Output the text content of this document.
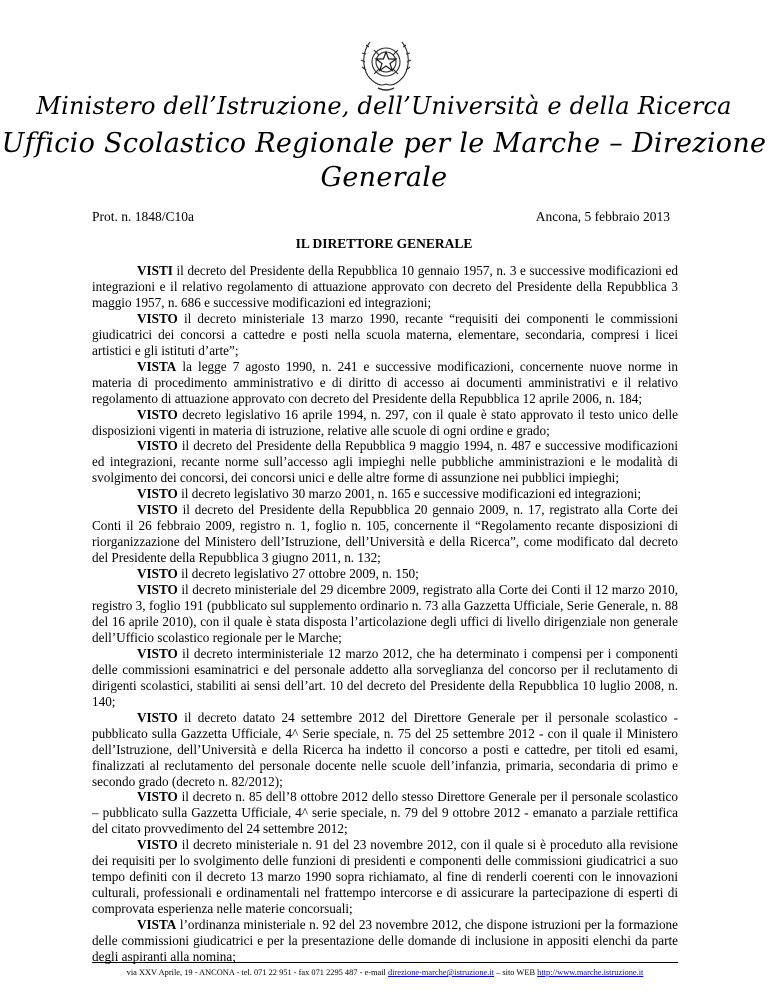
Ministero dell’Istruzione, dell’Università e della Ricerca
Ufficio Scolastico Regionale per le Marche – Direzione Generale
Prot. n. 1848/C10a	Ancona, 5 febbraio 2013
IL DIRETTORE GENERALE

VISTI il decreto del Presidente della Repubblica 10 gennaio 1957, n. 3 e successive modificazioni ed integrazioni e il relativo regolamento di attuazione approvato con decreto del Presidente della Repubblica 3 maggio 1957, n. 686 e successive modificazioni ed integrazioni;

VISTO il decreto ministeriale 13 marzo 1990, recante “requisiti dei componenti le commissioni giudicatrici dei concorsi a cattedre e posti nella scuola materna, elementare, secondaria, compresi i licei artistici e gli istituti d’arte”;

VISTA la legge 7 agosto 1990, n. 241 e successive modificazioni, concernente nuove norme in materia di procedimento amministrativo e di diritto di accesso ai documenti amministrativi e il relativo regolamento di attuazione approvato con decreto del Presidente della Repubblica 12 aprile 2006, n. 184;

VISTO decreto legislativo 16 aprile 1994, n. 297, con il quale è stato approvato il testo unico delle disposizioni vigenti in materia di istruzione, relative alle scuole di ogni ordine e grado;

VISTO il decreto del Presidente della Repubblica 9 maggio 1994, n. 487 e successive modificazioni ed integrazioni, recante norme sull’accesso agli impieghi nelle pubbliche amministrazioni e le modalità di svolgimento dei concorsi, dei concorsi unici e delle altre forme di assunzione nei pubblici impieghi;

VISTO il decreto legislativo 30 marzo 2001, n. 165 e successive modificazioni ed integrazioni;

VISTO il decreto del Presidente della Repubblica 20 gennaio 2009, n. 17, registrato alla Corte dei Conti il 26 febbraio 2009, registro n. 1, foglio n. 105, concernente il “Regolamento recante disposizioni di riorganizzazione del Ministero dell’Istruzione, dell’Università e della Ricerca”, come modificato dal decreto del Presidente della Repubblica 3 giugno 2011, n. 132;

VISTO il decreto legislativo 27 ottobre 2009, n. 150;

VISTO il decreto ministeriale del 29 dicembre 2009, registrato alla Corte dei Conti il 12 marzo 2010, registro 3, foglio 191 (pubblicato sul supplemento ordinario n. 73 alla Gazzetta Ufficiale, Serie Generale, n. 88 del 16 aprile 2010), con il quale è stata disposta l’articolazione degli uffici di livello dirigenziale non generale dell’Ufficio scolastico regionale per le Marche;

VISTO il decreto interministeriale 12 marzo 2012, che ha determinato i compensi per i componenti delle commissioni esaminatrici e del personale addetto alla sorveglianza del concorso per il reclutamento di dirigenti scolastici, stabiliti ai sensi dell’art. 10 del decreto del Presidente della Repubblica 10 luglio 2008, n. 140;

VISTO il decreto datato 24 settembre 2012 del Direttore Generale per il personale scolastico - pubblicato sulla Gazzetta Ufficiale, 4^ Serie speciale, n. 75 del 25 settembre 2012 - con il quale il Ministero dell’Istruzione, dell’Università e della Ricerca ha indetto il concorso a posti e cattedre, per titoli ed esami, finalizzati al reclutamento del personale docente nelle scuole dell’infanzia, primaria, secondaria di primo e secondo grado (decreto n. 82/2012);

VISTO il decreto n. 85 dell’8 ottobre 2012 dello stesso Direttore Generale per il personale scolastico – pubblicato sulla Gazzetta Ufficiale, 4^ serie speciale, n. 79 del 9 ottobre 2012 - emanato a parziale rettifica del citato provvedimento del 24 settembre 2012;

VISTO il decreto ministeriale n. 91 del 23 novembre 2012, con il quale si è proceduto alla revisione dei requisiti per lo svolgimento delle funzioni di presidenti e componenti delle commissioni giudicatrici a suo tempo definiti con il decreto 13 marzo 1990 sopra richiamato, al fine di renderli coerenti con le innovazioni culturali, professionali e ordinamentali nel frattempo intercorse e di assicurare la partecipazione di esperti di comprovata esperienza nelle materie concorsuali;

VISTA l’ordinanza ministeriale n. 92 del 23 novembre 2012, che dispone istruzioni per la formazione delle commissioni giudicatrici e per la presentazione delle domande di inclusione in appositi elenchi da parte degli aspiranti alla nomina;

via XXV Aprile, 19 - ANCONA - tel. 071 22 951 - fax 071 2295 487 - e-mail direzione-marche@istruzione.it – sito WEB http://www.marche.istruzione.it
